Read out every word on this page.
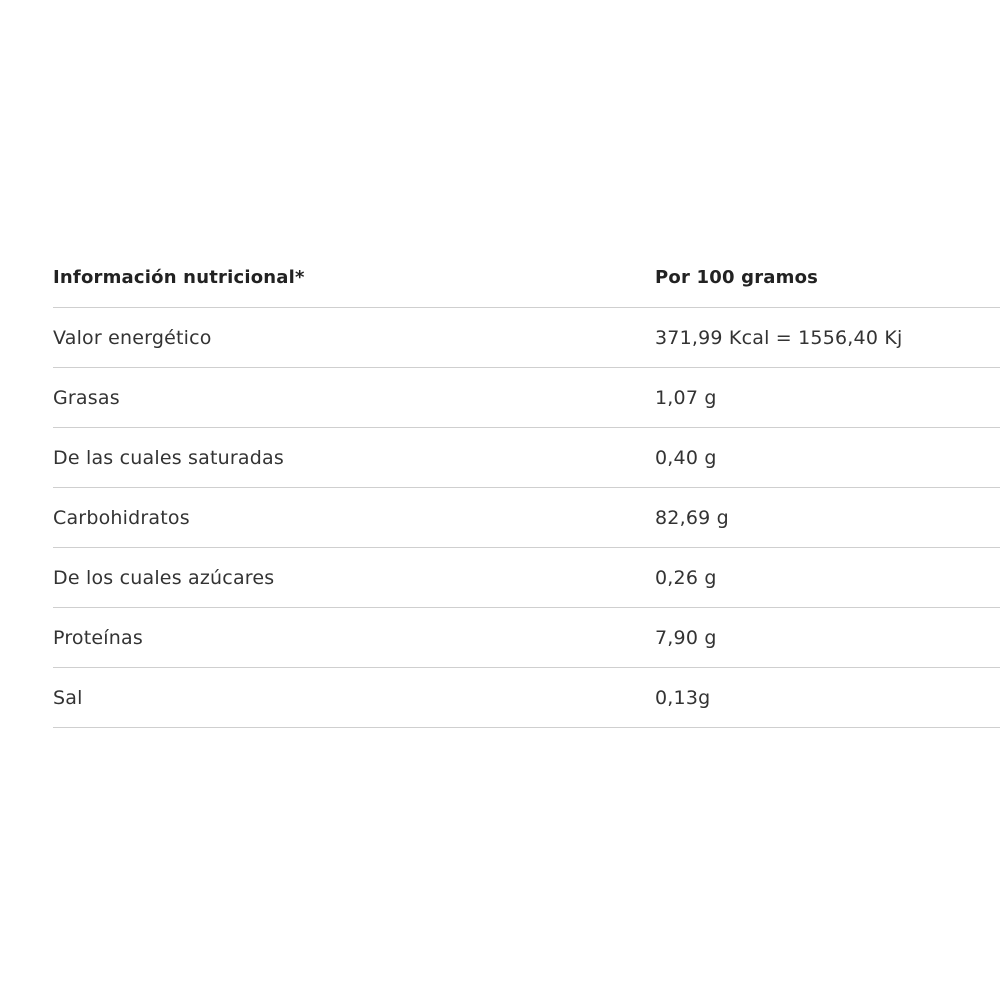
Información nutricional*	Por 100 gramos
Valor energético	371,99 Kcal = 1556,40 Kj
Grasas	1,07 g
De las cuales saturadas	0,40 g
Carbohidratos	82,69 g
De los cuales azúcares	0,26 g
Proteínas	7,90 g
Sal	0,13g
